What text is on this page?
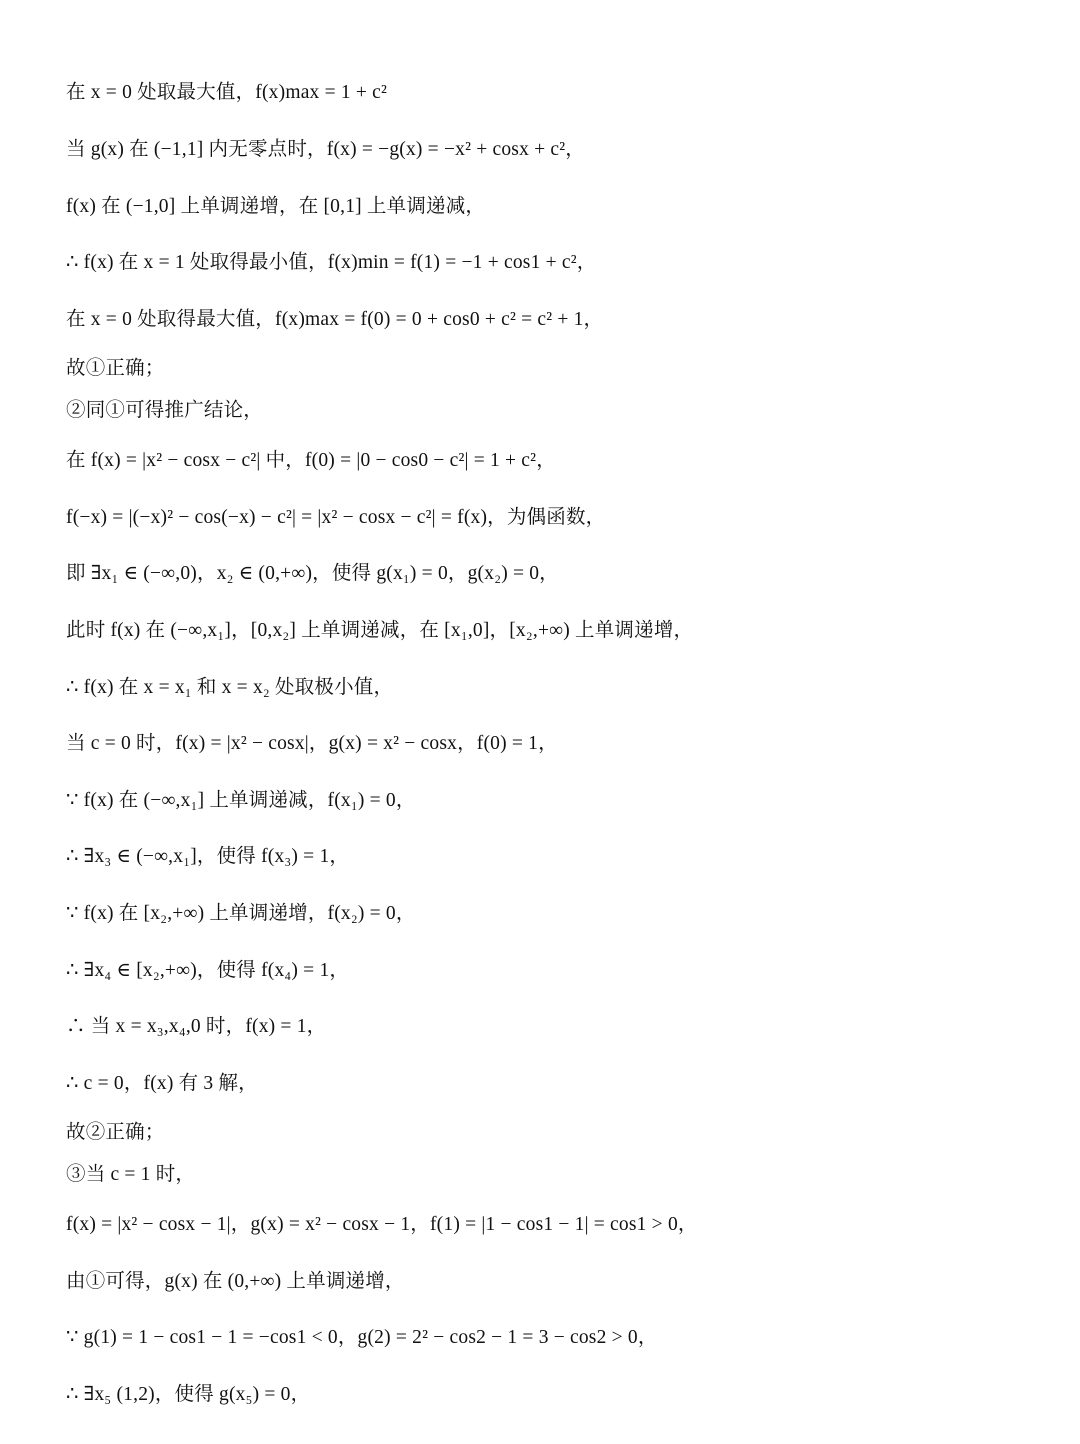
在 x = 0 处取最大值，f(x)max = 1 + c²
当 g(x) 在 (−1,1] 内无零点时，f(x) = −g(x) = −x² + cosx + c²，
f(x) 在 (−1,0] 上单调递增，在 [0,1] 上单调递减，
∴ f(x) 在 x = 1 处取得最小值，f(x)min = f(1) = −1 + cos1 + c²，
在 x = 0 处取得最大值，f(x)max = f(0) = 0 + cos0 + c² = c² + 1，
故①正确；
②同①可得推广结论，
在 f(x) = |x² − cosx − c²| 中，f(0) = |0 − cos0 − c²| = 1 + c²，
f(−x) = |(−x)² − cos(−x) − c²| = |x² − cosx − c²| = f(x)，为偶函数，
即 ∃x₁ ∈ (−∞,0)，x₂ ∈ (0,+∞)，使得 g(x₁) = 0，g(x₂) = 0，
此时 f(x) 在 (−∞,x₁]，[0,x₂] 上单调递减，在 [x₁,0]，[x₂,+∞) 上单调递增，
∴ f(x) 在 x = x₁ 和 x = x₂ 处取极小值，
当 c = 0 时，f(x) = |x² − cosx|，g(x) = x² − cosx，f(0) = 1，
∵ f(x) 在 (−∞,x₁] 上单调递减，f(x₁) = 0，
∴ ∃x₃ ∈ (−∞,x₁]，使得 f(x₃) = 1，
∵ f(x) 在 [x₂,+∞) 上单调递增，f(x₂) = 0，
∴ ∃x₄ ∈ [x₂,+∞)，使得 f(x₄) = 1，
∴ 当 x = x₃,x₄,0 时，f(x) = 1，
∴ c = 0，f(x) 有 3 解，
故②正确；
③当 c = 1 时，
f(x) = |x² − cosx − 1|，g(x) = x² − cosx − 1，f(1) = |1 − cos1 − 1| = cos1 > 0，
由①可得，g(x) 在 (0,+∞) 上单调递增，
∵ g(1) = 1 − cos1 − 1 = −cos1 < 0，g(2) = 2² − cos2 − 1 = 3 − cos2 > 0，
∴ ∃x₅ (1,2)，使得 g(x₅) = 0，
